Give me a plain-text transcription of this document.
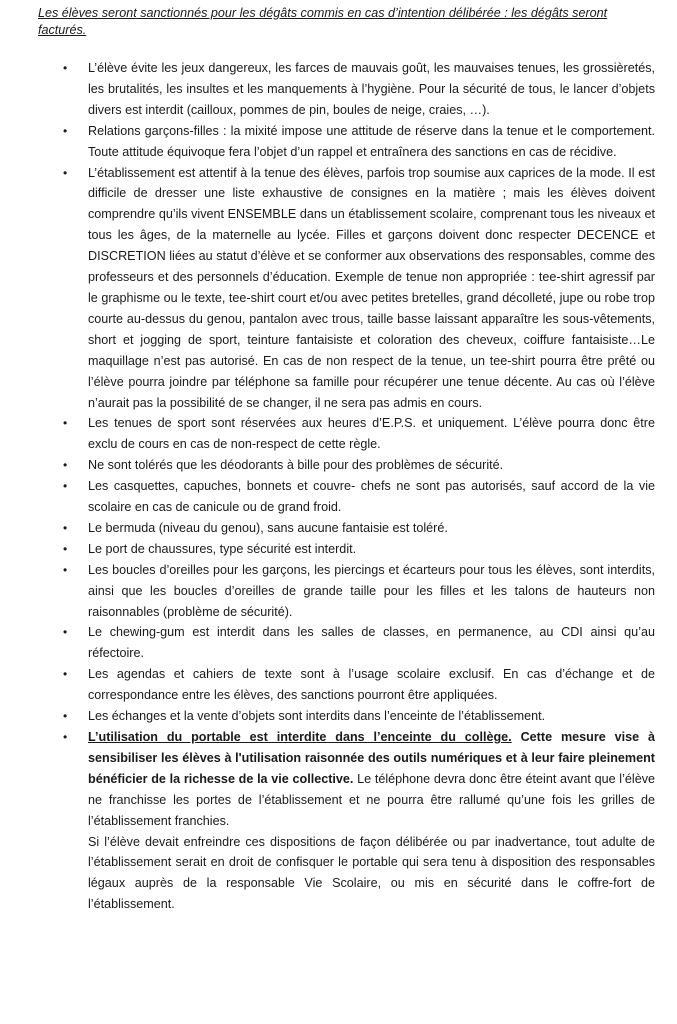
Les élèves seront sanctionnés pour les dégâts commis en cas d’intention délibérée : les dégâts seront facturés.

• L’élève évite les jeux dangereux, les farces de mauvais goût, les mauvaises tenues, les grossièretés, les brutalités, les insultes et les manquements à l’hygiène. Pour la sécurité de tous, le lancer d’objets divers est interdit (cailloux, pommes de pin, boules de neige, craies, …).
• Relations garçons-filles : la mixité impose une attitude de réserve dans la tenue et le comportement. Toute attitude équivoque fera l’objet d’un rappel et entraînera des sanctions en cas de récidive.
• L’établissement est attentif à la tenue des élèves, parfois trop soumise aux caprices de la mode. Il est difficile de dresser une liste exhaustive de consignes en la matière ; mais les élèves doivent comprendre qu’ils vivent ENSEMBLE dans un établissement scolaire, comprenant tous les niveaux et tous les âges, de la maternelle au lycée. Filles et garçons doivent donc respecter DECENCE et DISCRETION liées au statut d’élève et se conformer aux observations des responsables, comme des professeurs et des personnels d’éducation. Exemple de tenue non appropriée : tee-shirt agressif par le graphisme ou le texte, tee-shirt court et/ou avec petites bretelles, grand décolleté, jupe ou robe trop courte au-dessus du genou, pantalon avec trous, taille basse laissant apparaître les sous-vêtements, short et jogging de sport, teinture fantaisiste et coloration des cheveux, coiffure fantaisiste…Le maquillage n’est pas autorisé. En cas de non respect de la tenue, un tee-shirt pourra être prêté ou l’élève pourra joindre par téléphone sa famille pour récupérer une tenue décente. Au cas où l’élève n’aurait pas la possibilité de se changer, il ne sera pas admis en cours.
• Les tenues de sport sont réservées aux heures d’E.P.S. et uniquement. L’élève pourra donc être exclu de cours en cas de non-respect de cette règle.
• Ne sont tolérés que les déodorants à bille pour des problèmes de sécurité.
• Les casquettes, capuches, bonnets et couvre- chefs ne sont pas autorisés, sauf accord de la vie scolaire en cas de canicule ou de grand froid.
• Le bermuda (niveau du genou), sans aucune fantaisie est toléré.
• Le port de chaussures, type sécurité est interdit.
• Les boucles d’oreilles pour les garçons, les piercings et écarteurs pour tous les élèves, sont interdits, ainsi que les boucles d’oreilles de grande taille pour les filles et les talons de hauteurs non raisonnables (problème de sécurité).
• Le chewing-gum est interdit dans les salles de classes, en permanence, au CDI ainsi qu’au réfectoire.
• Les agendas et cahiers de texte sont à l’usage scolaire exclusif. En cas d’échange et de correspondance entre les élèves, des sanctions pourront être appliquées.
• Les échanges et la vente d’objets sont interdits dans l’enceinte de l’établissement.
• L’utilisation du portable est interdite dans l’enceinte du collège. Cette mesure vise à sensibiliser les élèves à l'utilisation raisonnée des outils numériques et à leur faire pleinement bénéficier de la richesse de la vie collective. Le téléphone devra donc être éteint avant que l’élève ne franchisse les portes de l’établissement et ne pourra être rallumé qu’une fois les grilles de l’établissement franchies.
Si l’élève devait enfreindre ces dispositions de façon délibérée ou par inadvertance, tout adulte de l’établissement serait en droit de confisquer le portable qui sera tenu à disposition des responsables légaux auprès de la responsable Vie Scolaire, ou mis en sécurité dans le coffre-fort de l’établissement.
